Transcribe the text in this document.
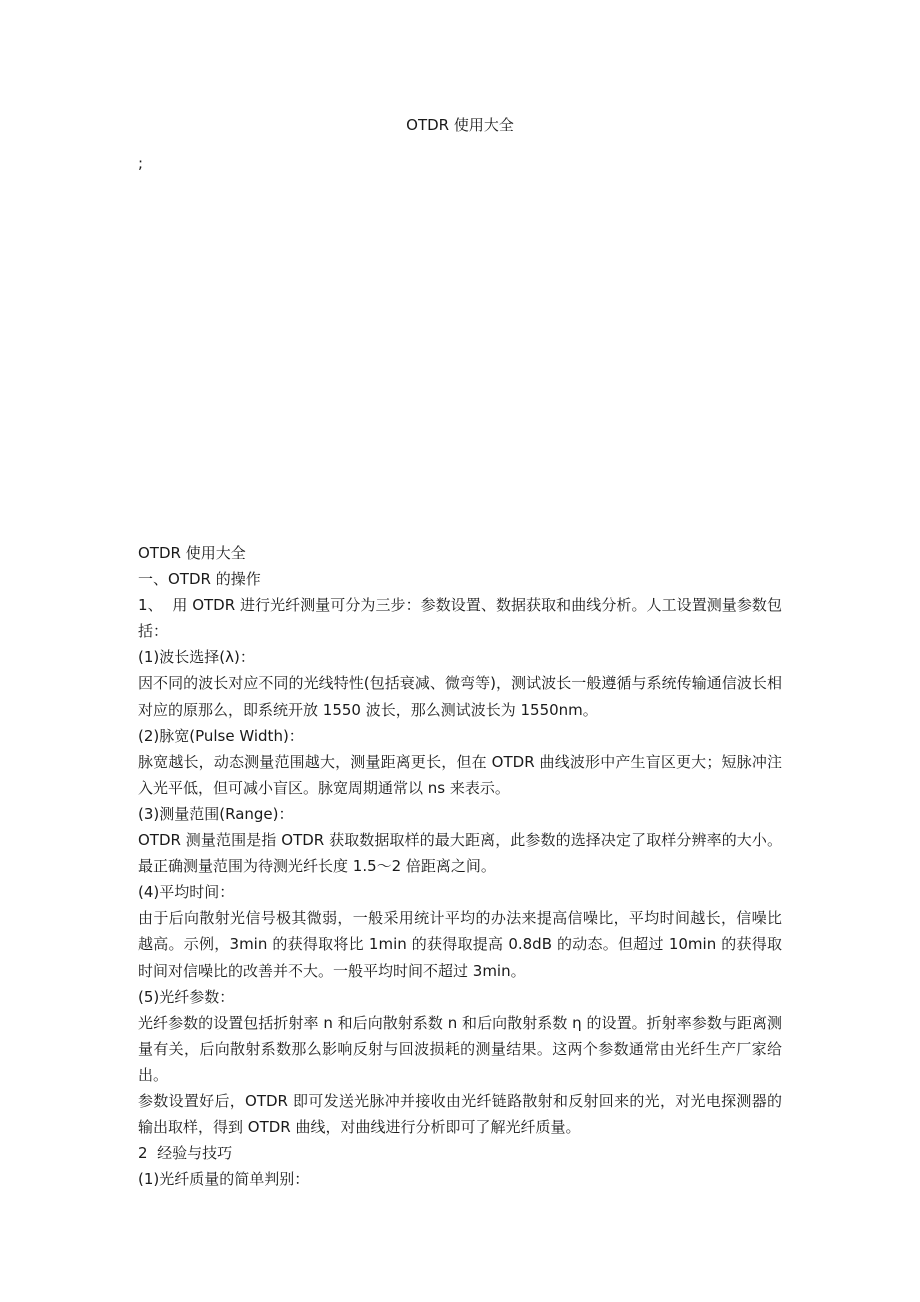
OTDR 使用大全
;

OTDR 使用大全

一、OTDR 的操作

1、  用 OTDR 进行光纤测量可分为三步：参数设置、数据获取和曲线分析。人工设置测量参数包括：

(1)波长选择(λ)：

因不同的波长对应不同的光线特性(包括衰减、微弯等)，测试波长一般遵循与系统传输通信波长相对应的原那么，即系统开放 1550 波长，那么测试波长为 1550nm。

(2)脉宽(Pulse Width)：

脉宽越长，动态测量范围越大，测量距离更长，但在 OTDR 曲线波形中产生盲区更大；短脉冲注入光平低，但可减小盲区。脉宽周期通常以 ns 来表示。

(3)测量范围(Range)：

OTDR 测量范围是指 OTDR 获取数据取样的最大距离，此参数的选择决定了取样分辨率的大小。最正确测量范围为待测光纤长度 1.5～2 倍距离之间。

(4)平均时间：

由于后向散射光信号极其微弱，一般采用统计平均的办法来提高信噪比，平均时间越长，信噪比越高。示例，3min 的获得取将比 1min 的获得取提高 0.8dB 的动态。但超过 10min 的获得取时间对信噪比的改善并不大。一般平均时间不超过 3min。

(5)光纤参数：

光纤参数的设置包括折射率 n 和后向散射系数 n 和后向散射系数 η 的设置。折射率参数与距离测量有关，后向散射系数那么影响反射与回波损耗的测量结果。这两个参数通常由光纤生产厂家给出。

参数设置好后，OTDR 即可发送光脉冲并接收由光纤链路散射和反射回来的光，对光电探测器的输出取样，得到 OTDR 曲线，对曲线进行分析即可了解光纤质量。

2  经验与技巧

(1)光纤质量的简单判别：
